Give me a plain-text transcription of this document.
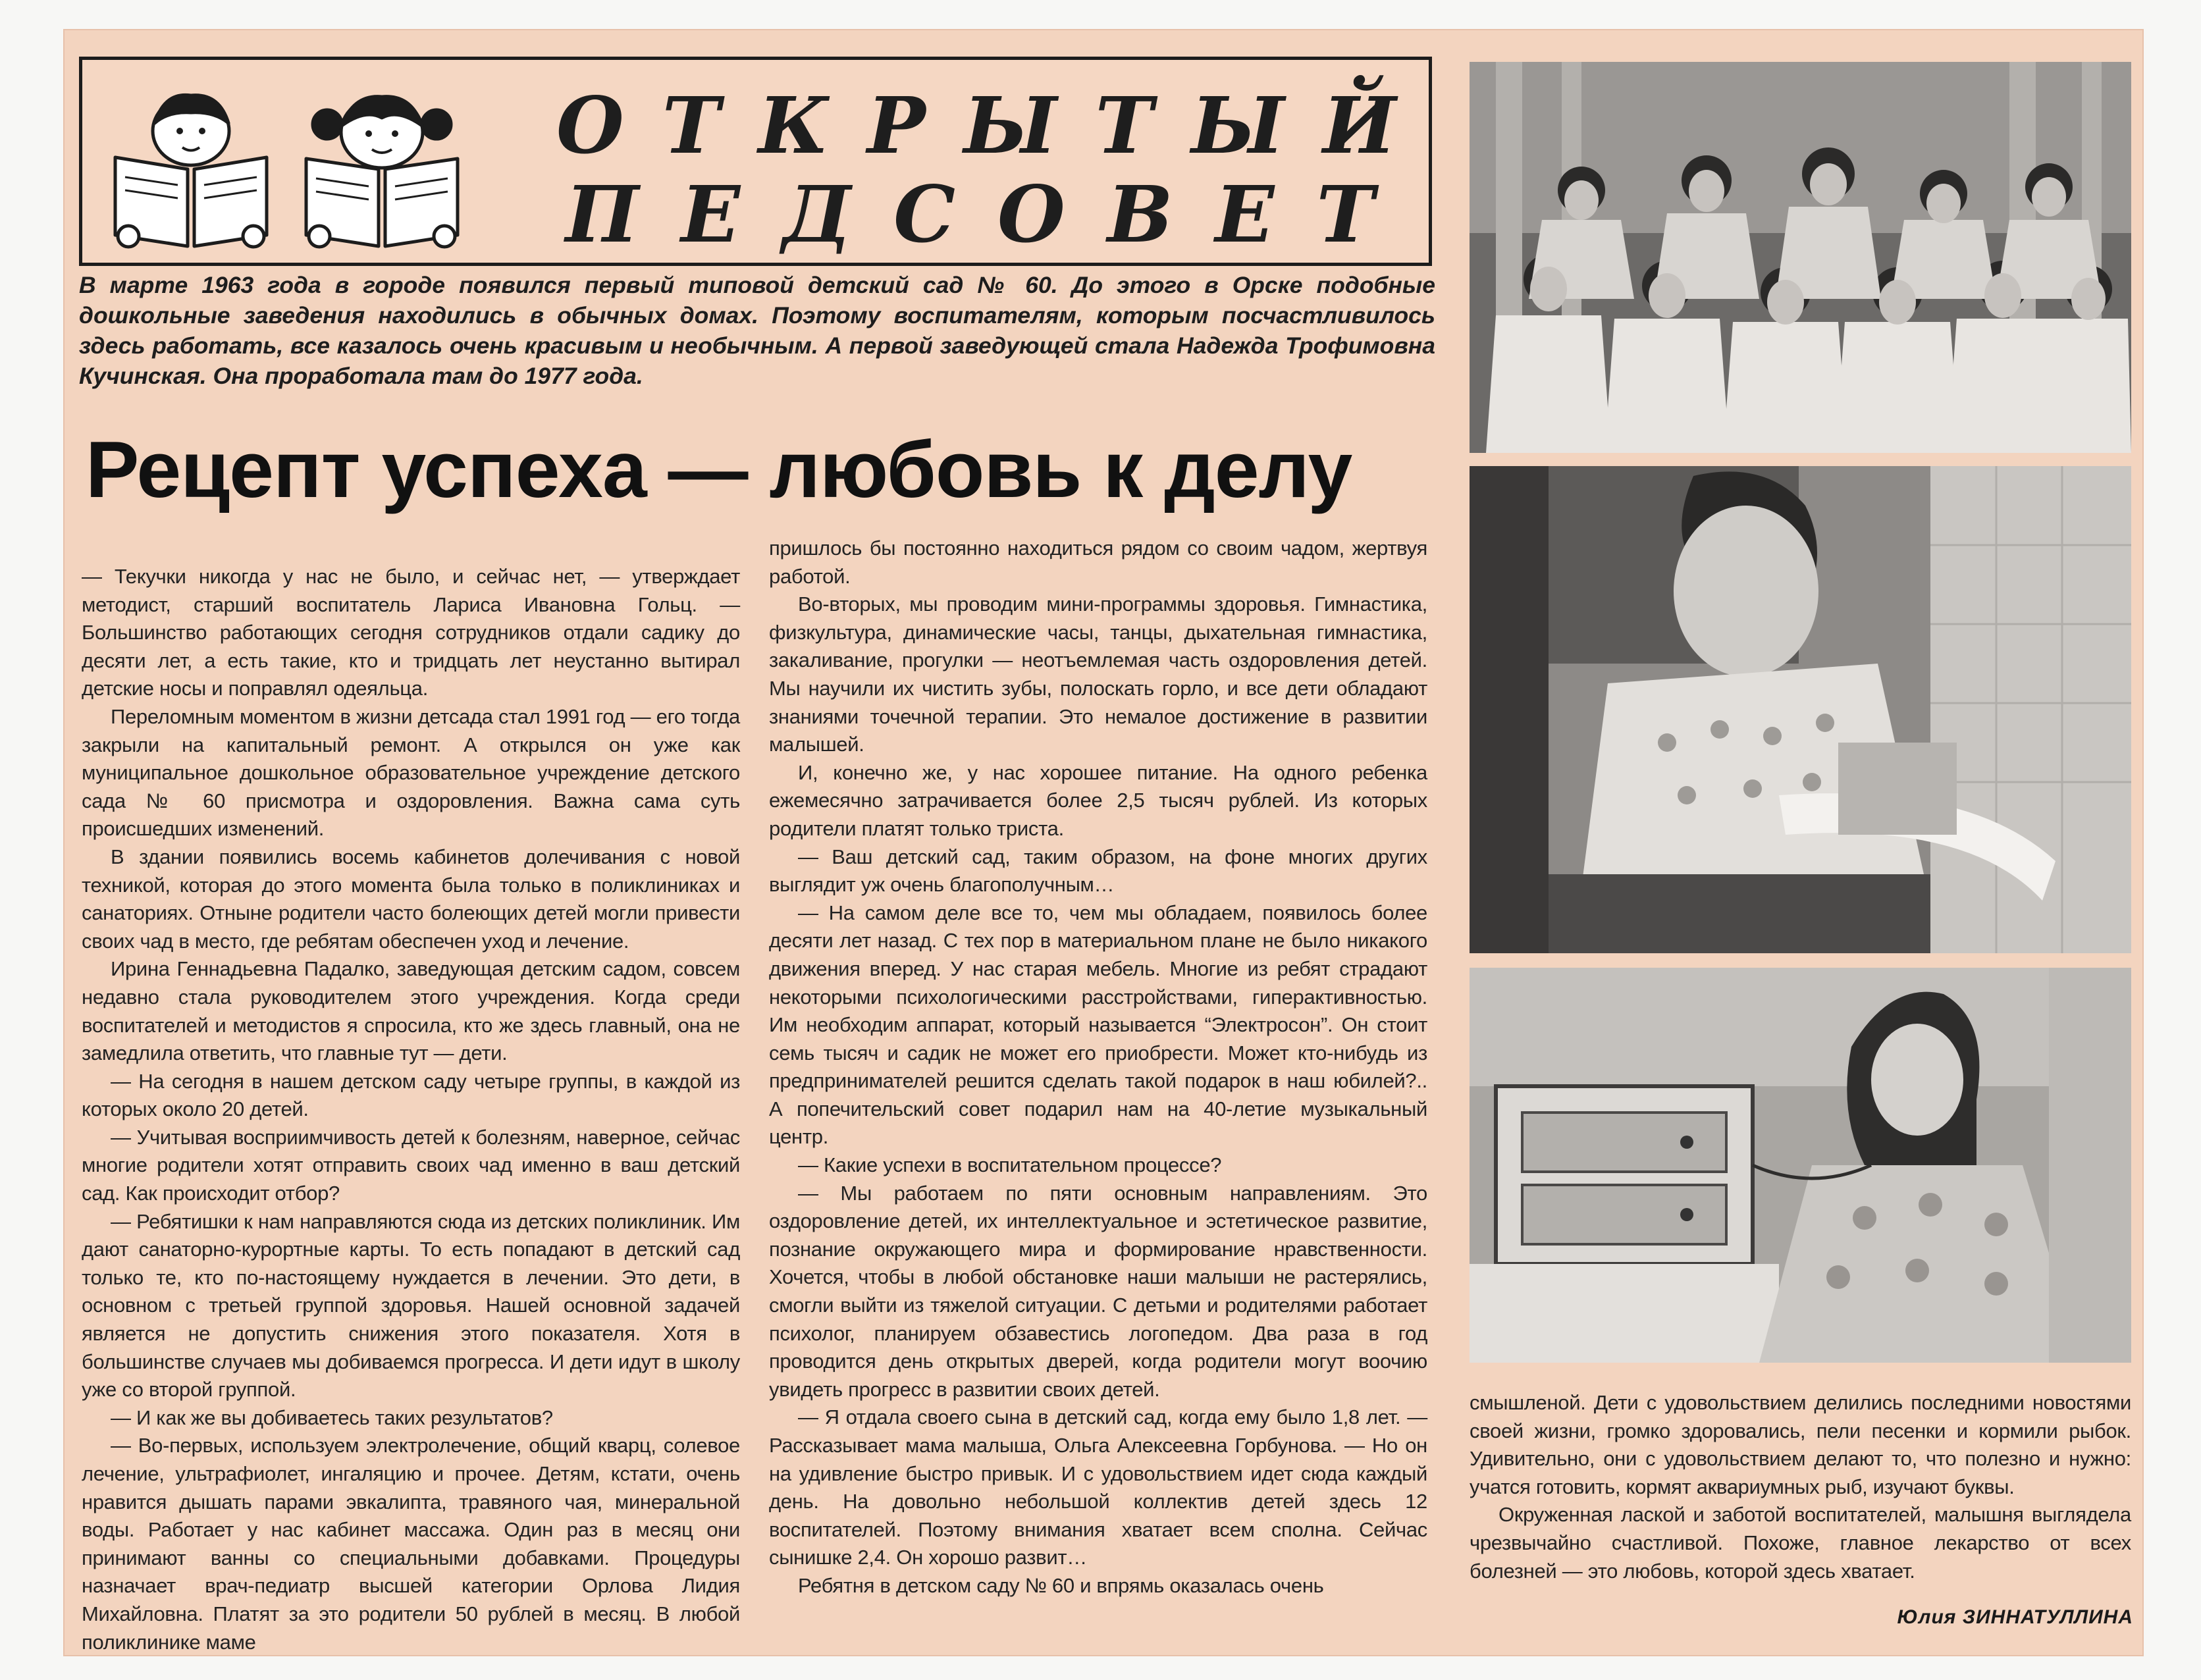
ОТКРЫТЫЙ
ПЕДСОВЕТ
В марте 1963 года в городе появился первый типовой детский сад № 60. До этого в Орске подобные дошкольные заведения находились в обычных домах. Поэтому воспитателям, которым посчастливилось здесь работать, все казалось очень красивым и необычным. А первой заведующей стала Надежда Трофимовна Кучинская. Она проработала там до 1977 года.
Рецепт успеха — любовь к делу

— Текучки никогда у нас не было, и сейчас нет, — утверждает методист, старший воспитатель Лариса Ивановна Гольц. — Большинство работающих сегодня сотрудников отдали садику до десяти лет, а есть такие, кто и тридцать лет неустанно вытирал детские носы и поправлял одеяльца.

Переломным моментом в жизни детсада стал 1991 год — его тогда закрыли на капитальный ремонт. А открылся он уже как муниципальное дошкольное образовательное учреждение детского сада № 60 присмотра и оздоровления. Важна сама суть происшедших изменений.

В здании появились восемь кабинетов долечивания с новой техникой, которая до этого момента была только в поликлиниках и санаториях. Отныне родители часто болеющих детей могли привести своих чад в место, где ребятам обеспечен уход и лечение.

Ирина Геннадьевна Падалко, заведующая детским садом, совсем недавно стала руководителем этого учреждения. Когда среди воспитателей и методистов я спросила, кто же здесь главный, она не замедлила ответить, что главные тут — дети.

— На сегодня в нашем детском саду четыре группы, в каждой из которых около 20 детей.

— Учитывая восприимчивость детей к болезням, наверное, сейчас многие родители хотят отправить своих чад именно в ваш детский сад. Как происходит отбор?

— Ребятишки к нам направляются сюда из детских поликлиник. Им дают санаторно-курортные карты. То есть попадают в детский сад только те, кто по-настоящему нуждается в лечении. Это дети, в основном с третьей группой здоровья. Нашей основной задачей является не допустить снижения этого показателя. Хотя в большинстве случаев мы добиваемся прогресса. И дети идут в школу уже со второй группой.

— И как же вы добиваетесь таких результатов?

— Во-первых, используем электролечение, общий кварц, солевое лечение, ультрафиолет, ингаляцию и прочее. Детям, кстати, очень нравится дышать парами эвкалипта, травяного чая, минеральной воды. Работает у нас кабинет массажа. Один раз в месяц они принимают ванны со специальными добавками. Процедуры назначает врач-педиатр высшей категории Орлова Лидия Михайловна. Платят за это родители 50 рублей в месяц. В любой поликлинике маме

пришлось бы постоянно находиться рядом со своим чадом, жертвуя работой.

Во-вторых, мы проводим мини-программы здоровья. Гимнастика, физкультура, динамические часы, танцы, дыхательная гимнастика, закаливание, прогулки — неотъемлемая часть оздоровления детей. Мы научили их чистить зубы, полоскать горло, и все дети обладают знаниями точечной терапии. Это немалое достижение в развитии малышей.

И, конечно же, у нас хорошее питание. На одного ребенка ежемесячно затрачивается более 2,5 тысяч рублей. Из которых родители платят только триста.

— Ваш детский сад, таким образом, на фоне многих других выглядит уж очень благополучным…

— На самом деле все то, чем мы обладаем, появилось более десяти лет назад. С тех пор в материальном плане не было никакого движения вперед. У нас старая мебель. Многие из ребят страдают некоторыми психологическими расстройствами, гиперактивностью. Им необходим аппарат, который называется “Электросон”. Он стоит семь тысяч и садик не может его приобрести. Может кто-нибудь из предпринимателей решится сделать такой подарок в наш юбилей?.. А попечительский совет подарил нам на 40-летие музыкальный центр.

— Какие успехи в воспитательном процессе?

— Мы работаем по пяти основным направлениям. Это оздоровление детей, их интеллектуальное и эстетическое развитие, познание окружающего мира и формирование нравственности. Хочется, чтобы в любой обстановке наши малыши не растерялись, смогли выйти из тяжелой ситуации. С детьми и родителями работает психолог, планируем обзавестись логопедом. Два раза в год проводится день открытых дверей, когда родители могут воочию увидеть прогресс в развитии своих детей.

— Я отдала своего сына в детский сад, когда ему было 1,8 лет. — Рассказывает мама малыша, Ольга Алексеевна Горбунова. — Но он на удивление быстро привык. И с удовольствием идет сюда каждый день. На довольно небольшой коллектив детей здесь 12 воспитателей. Поэтому внимания хватает всем сполна. Сейчас сынишке 2,4. Он хорошо развит…

Ребятня в детском саду № 60 и впрямь оказалась очень

смышленой. Дети с удовольствием делились последними новостями своей жизни, громко здоровались, пели песенки и кормили рыбок. Удивительно, они с удовольствием делают то, что полезно и нужно: учатся готовить, кормят аквариумных рыб, изучают буквы.

Окруженная лаской и заботой воспитателей, малышня выглядела чрезвычайно счастливой. Похоже, главное лекарство от всех болезней — это любовь, которой здесь хватает.

Юлия ЗИННАТУЛЛИНА
